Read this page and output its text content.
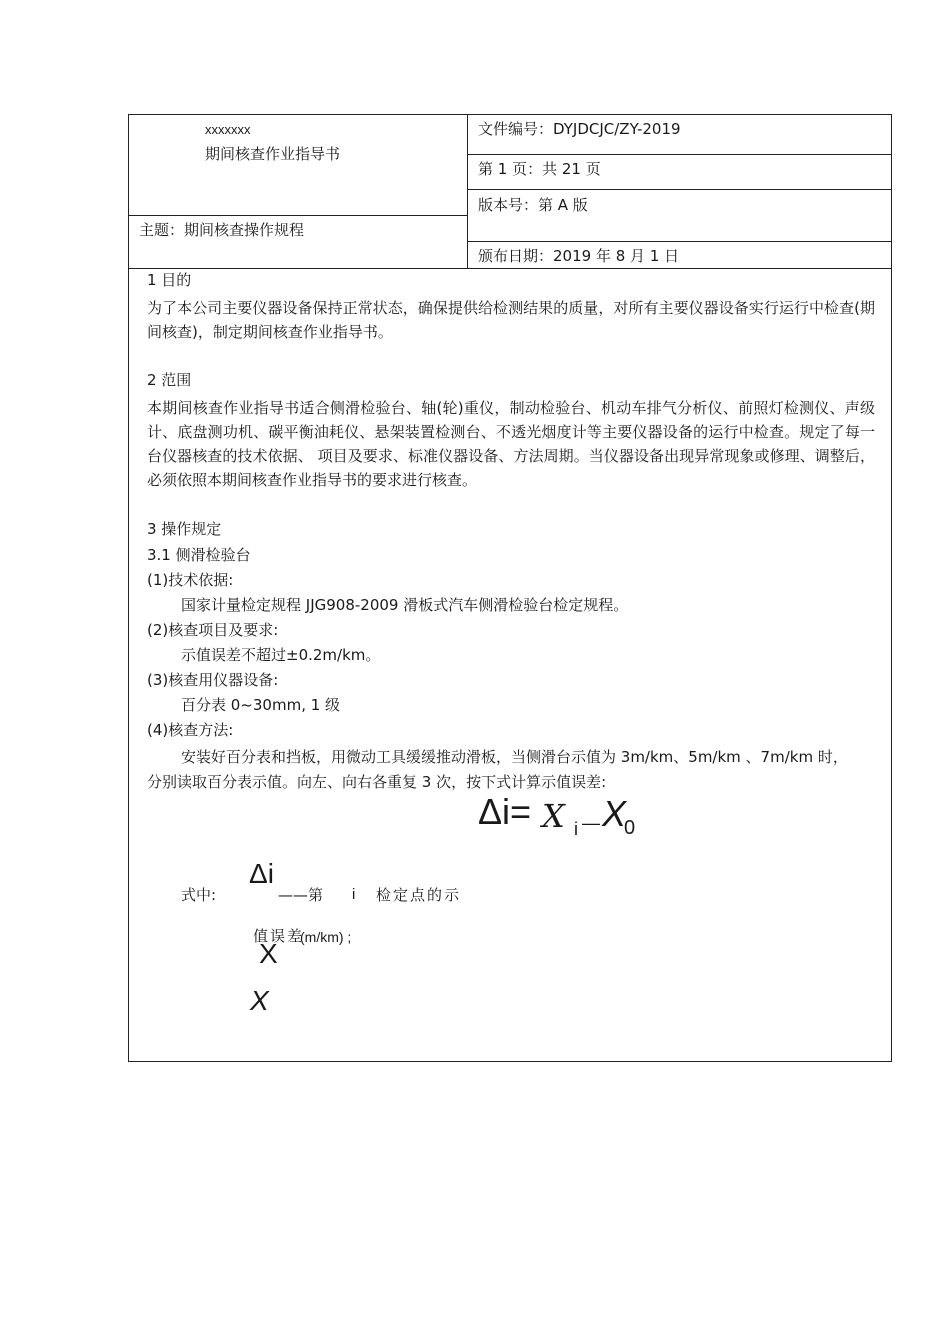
xxxxxxx
期间核查作业指导书
主题：期间核查操作规程
文件编号：DYJDCJC/ZY-2019
第 1 页：共 21 页
版本号：第 A 版
颁布日期：2019 年 8 月 1 日
1 目的
为了本公司主要仪器设备保持正常状态，确保提供给检测结果的质量，对所有主要仪器设备实行运行中检查(期间核查)，制定期间核查作业指导书。
2 范围
本期间核查作业指导书适合侧滑检验台、轴(轮)重仪，制动检验台、机动车排气分析仪、前照灯检测仪、声级计、底盘测功机、碳平衡油耗仪、悬架装置检测台、不透光烟度计等主要仪器设备的运行中检查。规定了每一台仪器核查的技术依据、 项目及要求、标准仪器设备、方法周期。当仪器设备出现异常现象或修理、调整后，必须依照本期间核查作业指导书的要求进行核查。
3 操作规定
3.1 侧滑检验台
(1)技术依据:
国家计量检定规程 JJG908-2009 滑板式汽车侧滑检验台检定规程。
(2)核查项目及要求:
示值误差不超过±0.2m/km。
(3)核查用仪器设备:
百分表 0~30mm, 1 级
(4)核查方法:
安装好百分表和挡板，用微动工具缓缓推动滑板，当侧滑台示值为 3m/km、5m/km 、7m/km 时，
分别读取百分表示值。向左、向右各重复 3 次，按下式计算示值误差:
Δi= X i — X
0
式中:
Δi
——第 i 检定点的示
值误差
(m/km) ;
X
X
